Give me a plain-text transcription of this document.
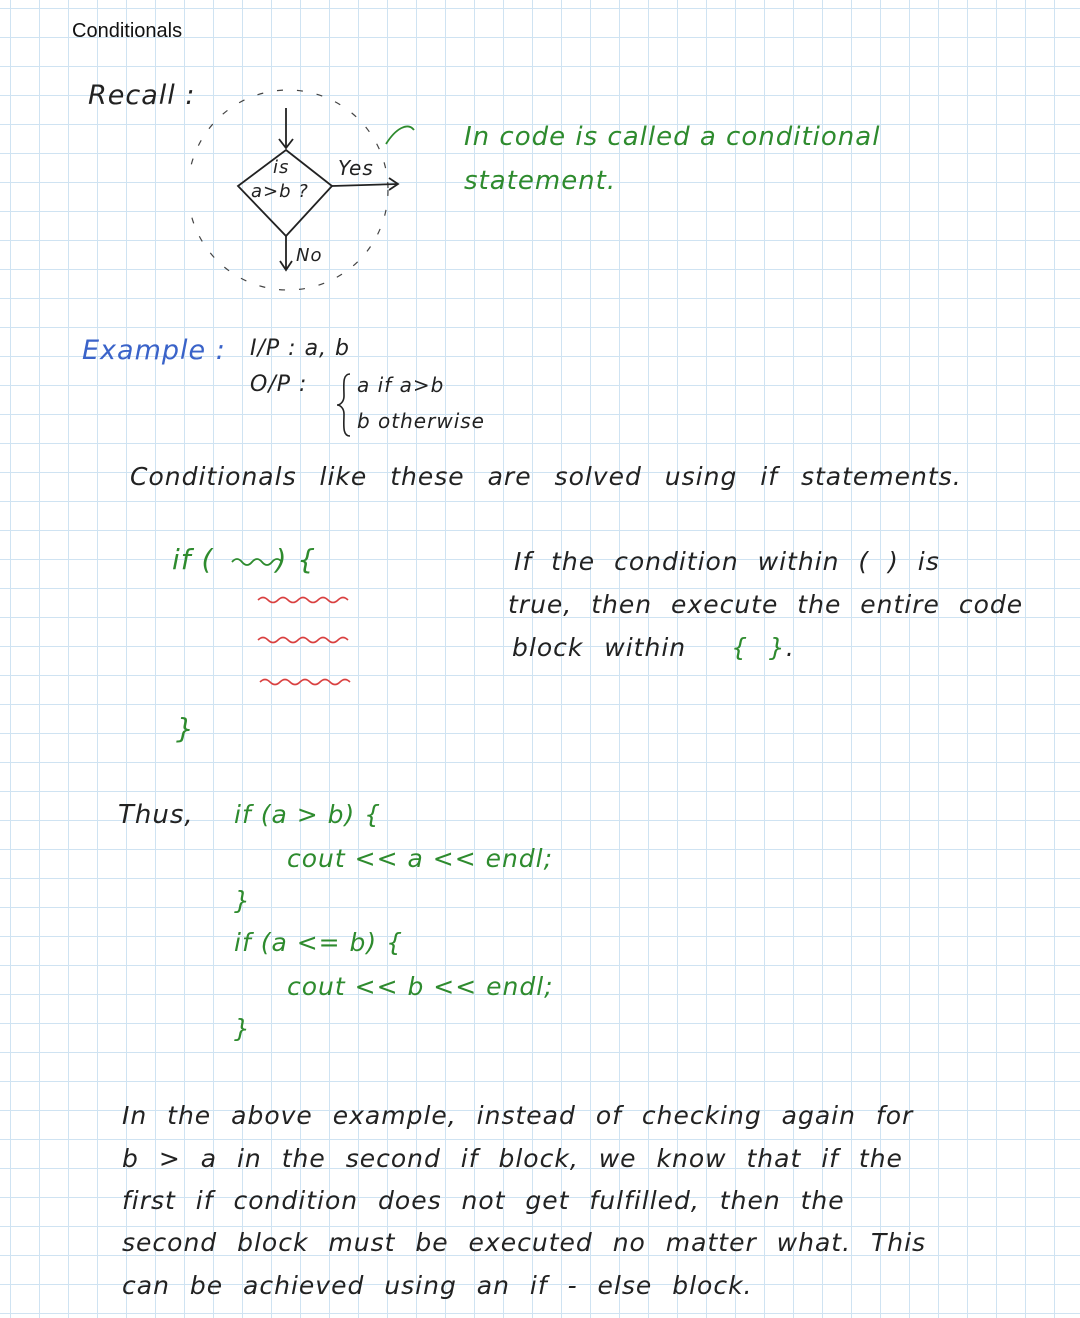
Conditionals
Recall :
is
a>b ?
Yes
No
In code is called a conditional
statement.
Example : I/P : a, b
O/P : a if a>b
b otherwise
Conditionals like these are solved using if statements.
if ( ) {
}
If the condition within ( ) is
true, then execute the entire code
block within { }.
Thus, if (a > b) {
cout << a << endl;
}
if (a <= b) {
cout << b << endl;
}
In the above example, instead of checking again for
b > a in the second if block, we know that if the
first if condition does not get fulfilled, then the
second block must be executed no matter what. This
can be achieved using an if - else block.
